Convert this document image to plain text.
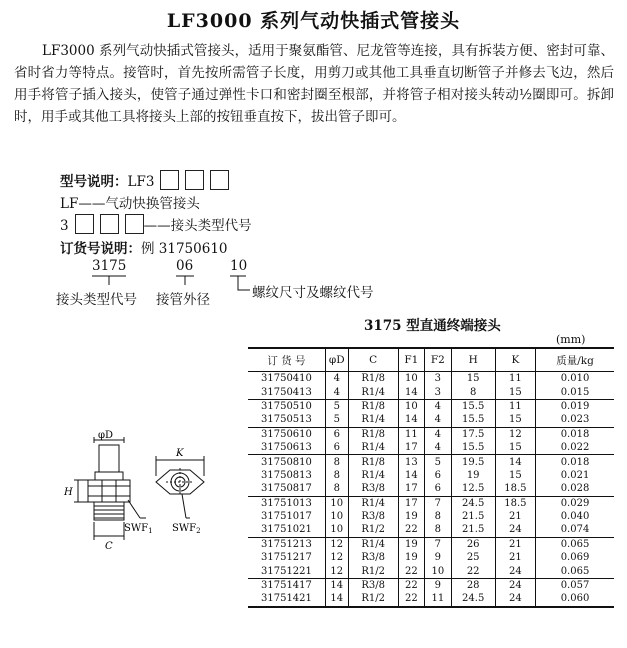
LF3000 系列气动快插式管接头
LF3000 系列气动快插式管接头，适用于聚氨酯管、尼龙管等连接，具有拆装方便、密封可靠、省时省力等特点。接管时，首先按所需管子长度，用剪刀或其他工具垂直切断管子并修去飞边，然后用手将管子插入接头，使管子通过弹性卡口和密封圈至根部，并将管子相对接头转动½圈即可。拆卸时，用手或其他工具将接头上部的按钮垂直按下，拔出管子即可。
型号说明：LF3
LF——气动快换管接头
3	——接头类型代号
订货号说明：例 31750610
3175	06	10
接头类型代号 接管外径	螺纹尺寸及螺纹代号
3175 型直通终端接头
(mm)
订 货 号	φD	C	F1	F2	H	K	质量/kg
31750410	4	R1/8	10	3	15	11	0.010
31750413	4	R1/4	14	3	8	15	0.015
31750510	5	R1/8	10	4	15.5	11	0.019
31750513	5	R1/4	14	4	15.5	15	0.023
31750610	6	R1/8	11	4	17.5	12	0.018
31750613	6	R1/4	17	4	15.5	15	0.022
31750810	8	R1/8	13	5	19.5	14	0.018
31750813	8	R1/4	14	6	19	15	0.021
31750817	8	R3/8	17	6	12.5	18.5	0.028
31751013	10	R1/4	17	7	24.5	18.5	0.029
31751017	10	R3/8	19	8	21.5	21	0.040
31751021	10	R1/2	22	8	21.5	24	0.074
31751213	12	R1/4	19	7	26	21	0.065
31751217	12	R3/8	19	9	25	21	0.069
31751221	12	R1/2	22	10	22	24	0.065
31751417	14	R3/8	22	9	28	24	0.057
31751421	14	R1/2	22	11	24.5	24	0.060
φD
H
C
K
$SWF_1$ $SWF_2$
